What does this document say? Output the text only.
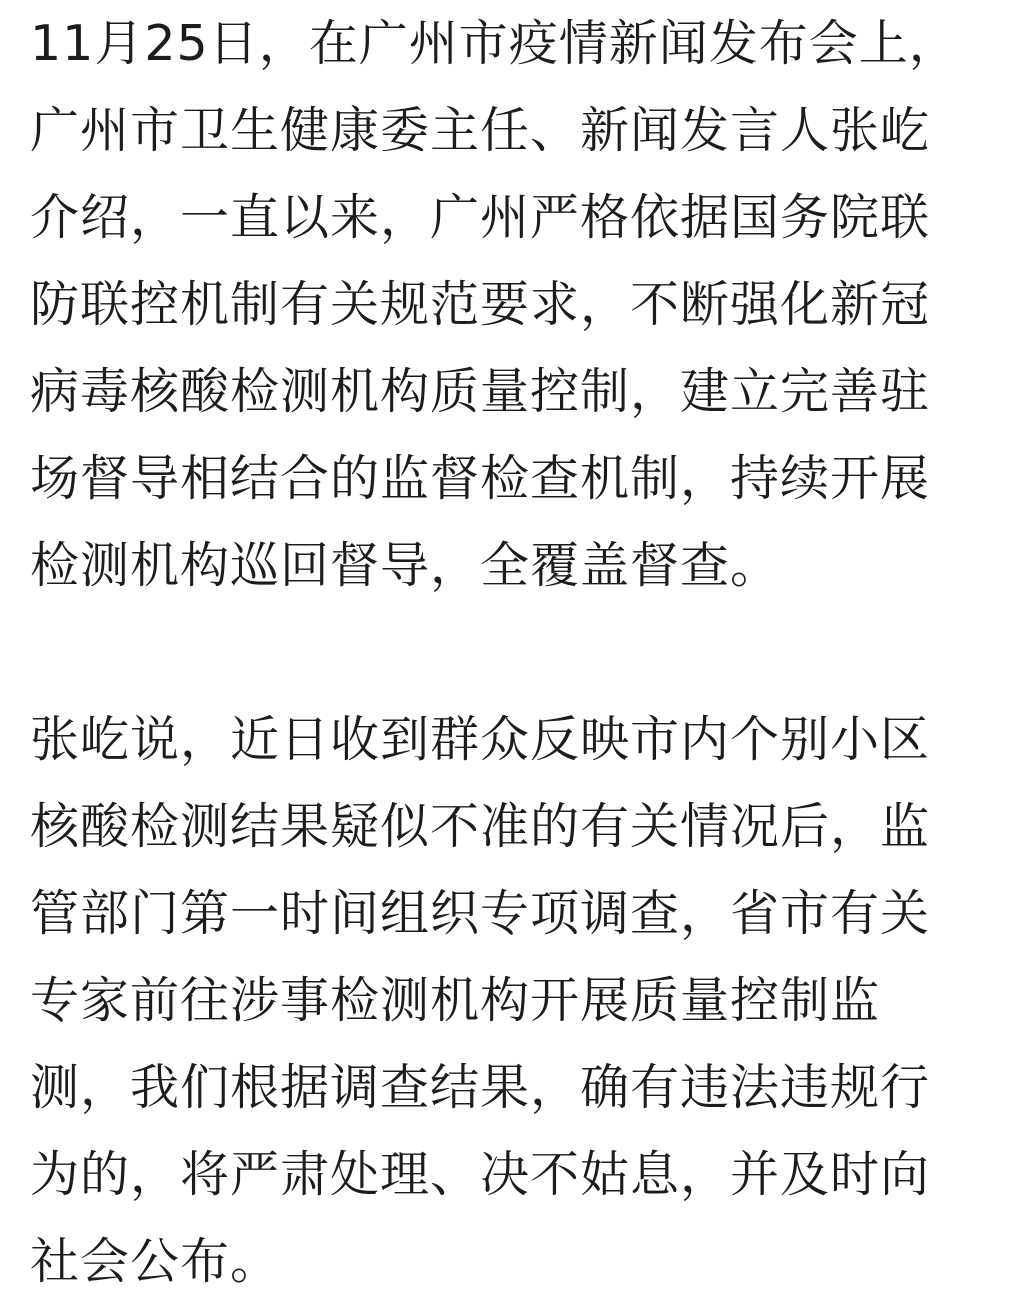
11月25日，在广州市疫情新闻发布会上，
广州市卫生健康委主任、新闻发言人张屹
介绍，一直以来，广州严格依据国务院联
防联控机制有关规范要求，不断强化新冠
病毒核酸检测机构质量控制，建立完善驻
场督导相结合的监督检查机制，持续开展
检测机构巡回督导，全覆盖督查。
张屹说，近日收到群众反映市内个别小区
核酸检测结果疑似不准的有关情况后，监
管部门第一时间组织专项调查，省市有关
专家前往涉事检测机构开展质量控制监
测，我们根据调查结果，确有违法违规行
为的，将严肃处理、决不姑息，并及时向
社会公布。
